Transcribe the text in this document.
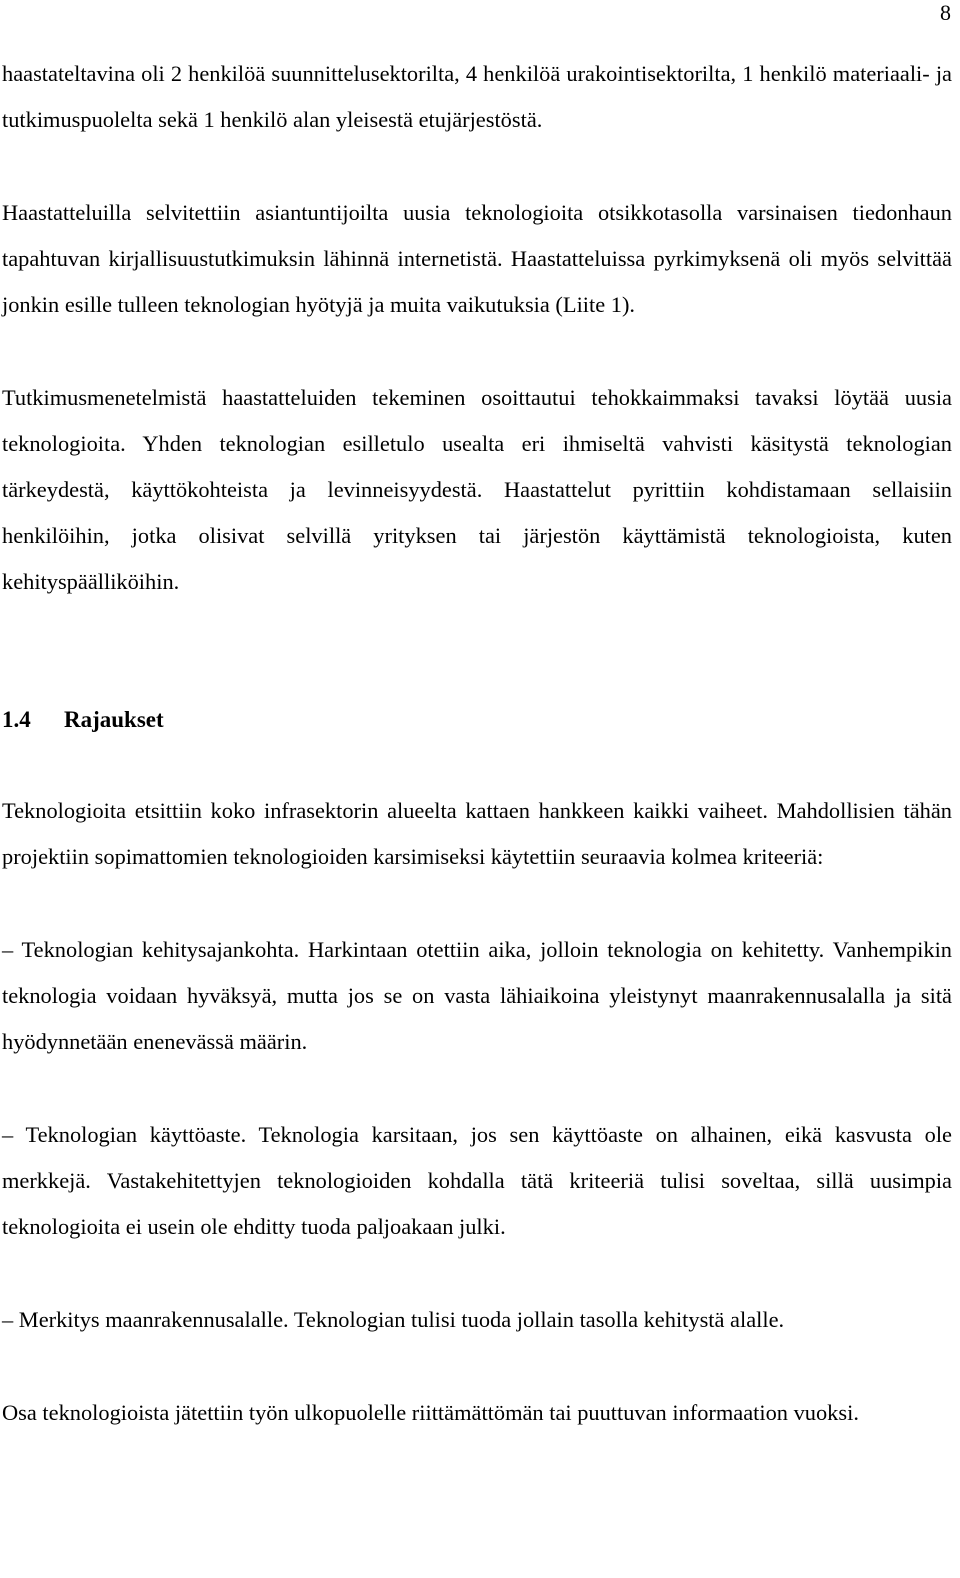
8

haastateltavina oli 2 henkilöä suunnittelusektorilta, 4 henkilöä urakointisektorilta, 1 henkilö materiaali- ja tutkimuspuolelta sekä 1 henkilö alan yleisestä etujärjestöstä.

Haastatteluilla selvitettiin asiantuntijoilta uusia teknologioita otsikkotasolla varsinaisen tiedonhaun tapahtuvan kirjallisuustutkimuksin lähinnä internetistä. Haastatteluissa pyrkimyksenä oli myös selvittää jonkin esille tulleen teknologian hyötyjä ja muita vaikutuksia (Liite 1).

Tutkimusmenetelmistä haastatteluiden tekeminen osoittautui tehokkaimmaksi tavaksi löytää uusia teknologioita. Yhden teknologian esilletulo usealta eri ihmiseltä vahvisti käsitystä teknologian tärkeydestä, käyttökohteista ja levinneisyydestä. Haastattelut pyrittiin kohdistamaan sellaisiin henkilöihin, jotka olisivat selvillä yrityksen tai järjestön käyttämistä teknologioista, kuten kehityspäälliköihin.

1.4 Rajaukset

Teknologioita etsittiin koko infrasektorin alueelta kattaen hankkeen kaikki vaiheet. Mahdollisien tähän projektiin sopimattomien teknologioiden karsimiseksi käytettiin seuraavia kolmea kriteeriä:

– Teknologian kehitysajankohta. Harkintaan otettiin aika, jolloin teknologia on kehitetty. Vanhempikin teknologia voidaan hyväksyä, mutta jos se on vasta lähiaikoina yleistynyt maanrakennusalalla ja sitä hyödynnetään enenevässä määrin.

– Teknologian käyttöaste. Teknologia karsitaan, jos sen käyttöaste on alhainen, eikä kasvusta ole merkkejä. Vastakehitettyjen teknologioiden kohdalla tätä kriteeriä tulisi soveltaa, sillä uusimpia teknologioita ei usein ole ehditty tuoda paljoakaan julki.

– Merkitys maanrakennusalalle. Teknologian tulisi tuoda jollain tasolla kehitystä alalle.

Osa teknologioista jätettiin työn ulkopuolelle riittämättömän tai puuttuvan informaation vuoksi.
